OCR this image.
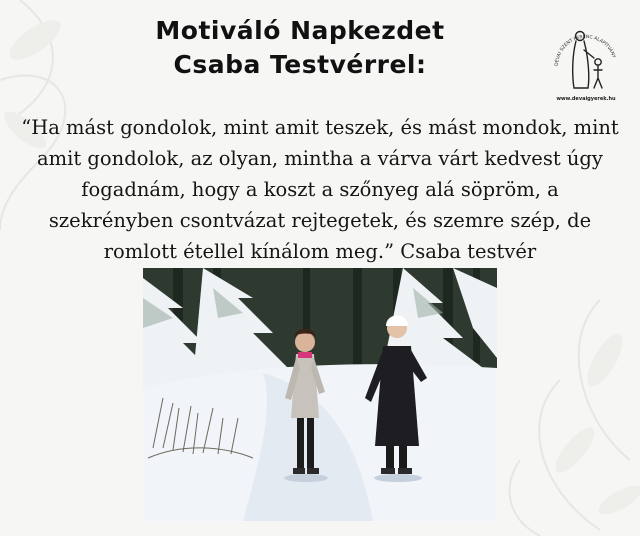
Motiváló Napkezdet
Csaba Testvérrel:	DÉVAI SZENT FERENC ALAPÍTVÁNY
www.devaigyerek.hu
“Ha mást gondolok, mint amit teszek, és mást mondok, mint amit gondolok, az olyan, mintha a várva várt kedvest úgy fogadnám, hogy a koszt a szőnyeg alá söpröm, a szekrényben csontvázat rejtegetek, és szemre szép, de romlott étellel kínálom meg.” Csaba testvér
